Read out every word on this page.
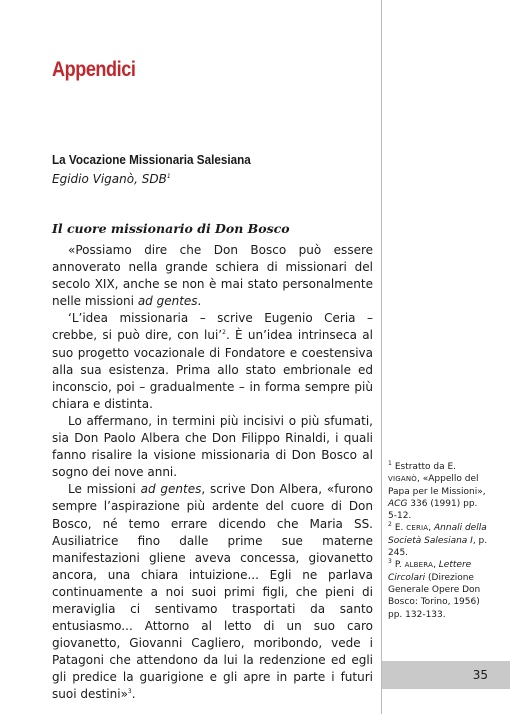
Appendici
La Vocazione Missionaria Salesiana

Egidio Viganò, SDB$^1$

Il cuore missionario di Don Bosco

«Possiamo dire che Don Bosco può essere annoverato nella grande schiera di missionari del secolo XIX, anche se non è mai stato personalmente nelle missioni ad gentes.

‘L’idea missionaria – scrive Eugenio Ceria – crebbe, si può dire, con lui’$^2$. È un’idea intrinseca al suo progetto vocazionale di Fondatore e coestensiva alla sua esistenza. Prima allo stato embrionale ed inconscio, poi – gradualmente – in forma sempre più chiara e distinta.

Lo affermano, in termini più incisivi o più sfumati, sia Don Paolo Albera che Don Filippo Rinaldi, i quali fanno risalire la visione missionaria di Don Bosco al sogno dei nove anni.

Le missioni ad gentes, scrive Don Albera, «furono sempre l’aspirazione più ardente del cuore di Don Bosco, né temo errare dicendo che Maria SS. Ausiliatrice fino dalle prime sue materne manifestazioni gliene aveva concessa, giovanetto ancora, una chiara intuizione... Egli ne parlava continuamente a noi suoi primi figli, che pieni di meraviglia ci sentivamo trasportati da santo entusiasmo... Attorno al letto di un suo caro giovanetto, Giovanni Cagliero, moribondo, vede i Patagoni che attendono da lui la redenzione ed egli gli predice la guarigione e gli apre in parte i futuri suoi destini»$^3$.

$^1$ Estratto da E. VIGANÒ, «Appello del Papa per le Missioni», ACG 336 (1991) pp. 5-12.

$^2$ E. CERIA, Annali della Società Salesiana I, p. 245.

$^3$ P. ALBERA, Lettere Circolari (Direzione Generale Opere Don Bosco: Torino, 1956) pp. 132-133.

35
